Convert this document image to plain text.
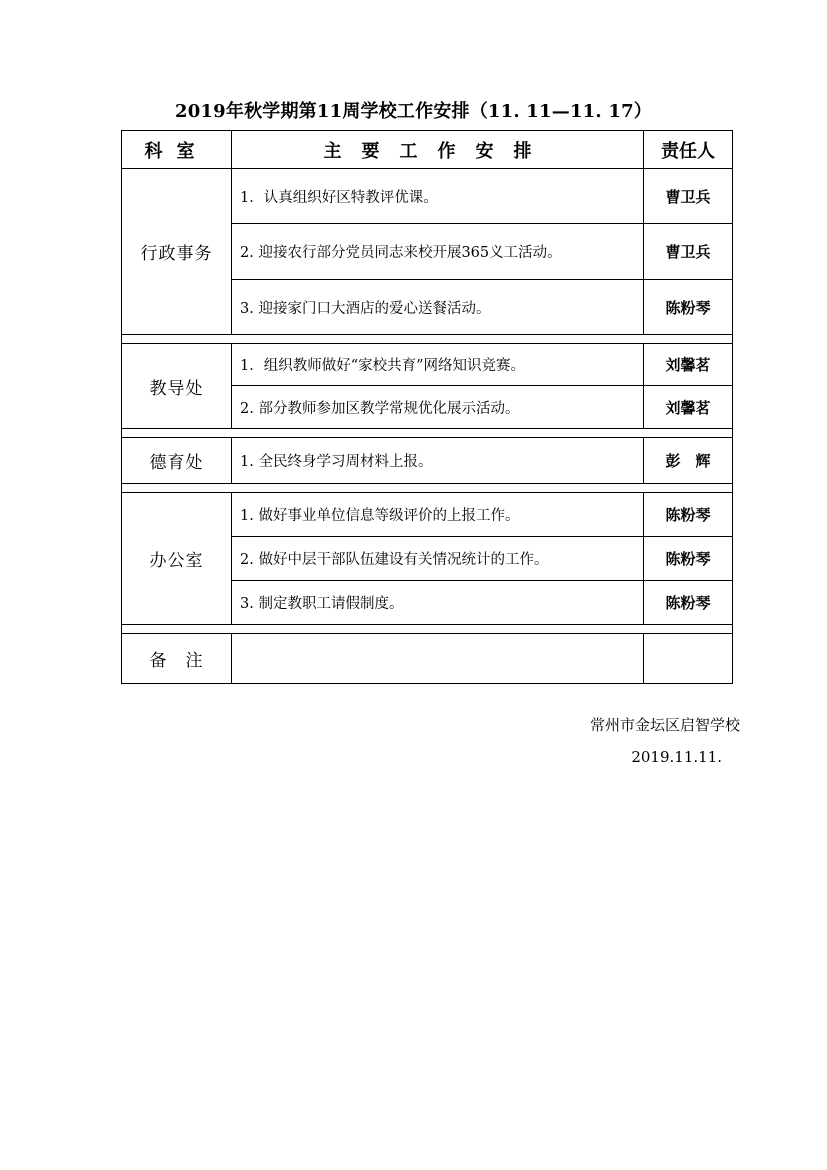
2019年秋学期第11周学校工作安排（11. 11—11. 17）
科室	主要工作安排	责任人
行政事务	1．认真组织好区特教评优课。	曹卫兵
	2. 迎接农行部分党员同志来校开展365义工活动。	曹卫兵
	3. 迎接家门口大酒店的爱心送餐活动。	陈粉琴

教导处	1．组织教师做好“家校共育”网络知识竞赛。	刘馨茗
	2. 部分教师参加区教学常规优化展示活动。	刘馨茗

德育处	1. 全民终身学习周材料上报。	彭　辉

办公室	1. 做好事业单位信息等级评价的上报工作。	陈粉琴
	2. 做好中层干部队伍建设有关情况统计的工作。	陈粉琴
	3. 制定教职工请假制度。	陈粉琴

备　注		
常州市金坛区启智学校
2019.11.11.
